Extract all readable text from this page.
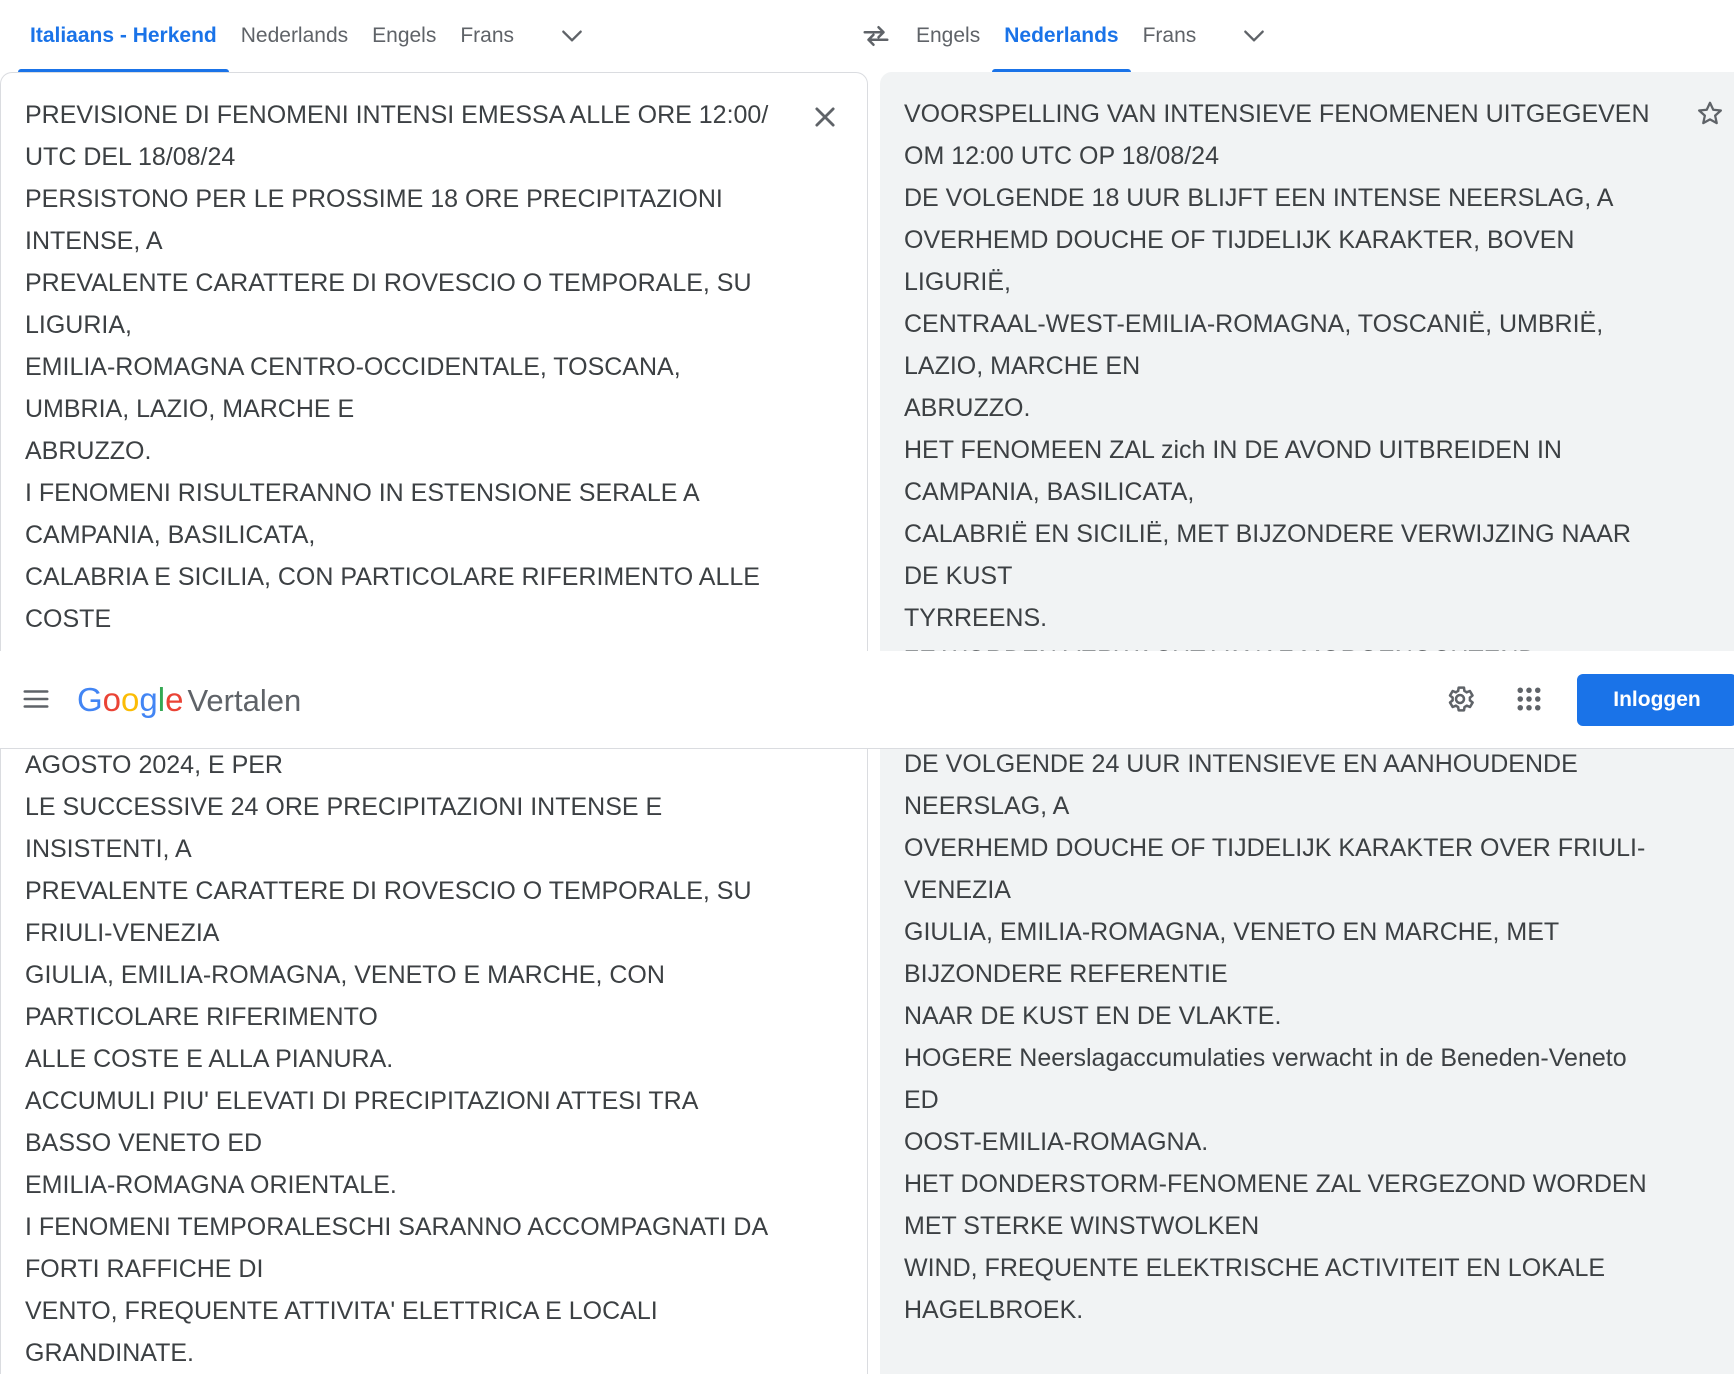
Italiaans - Herkend	Nederlands	Engels	Frans	Engels	Nederlands	Frans
PREVISIONE DI FENOMENI INTENSI EMESSA ALLE ORE 12:00/
UTC DEL 18/08/24
PERSISTONO PER LE PROSSIME 18 ORE PRECIPITAZIONI
INTENSE, A
PREVALENTE CARATTERE DI ROVESCIO O TEMPORALE, SU
LIGURIA,
EMILIA-ROMAGNA CENTRO-OCCIDENTALE, TOSCANA,
UMBRIA, LAZIO, MARCHE E
ABRUZZO.
I FENOMENI RISULTERANNO IN ESTENSIONE SERALE A
CAMPANIA, BASILICATA,
CALABRIA E SICILIA, CON PARTICOLARE RIFERIMENTO ALLE
COSTE

AGOSTO 2024, E PER
LE SUCCESSIVE 24 ORE PRECIPITAZIONI INTENSE E
INSISTENTI, A
PREVALENTE CARATTERE DI ROVESCIO O TEMPORALE, SU
FRIULI-VENEZIA
GIULIA, EMILIA-ROMAGNA, VENETO E MARCHE, CON
PARTICOLARE RIFERIMENTO
ALLE COSTE E ALLA PIANURA.
ACCUMULI PIU' ELEVATI DI PRECIPITAZIONI ATTESI TRA
BASSO VENETO ED
EMILIA-ROMAGNA ORIENTALE.
I FENOMENI TEMPORALESCHI SARANNO ACCOMPAGNATI DA
FORTI RAFFICHE DI
VENTO, FREQUENTE ATTIVITA' ELETTRICA E LOCALI
GRANDINATE.
VOORSPELLING VAN INTENSIEVE FENOMENEN UITGEGEVEN
OM 12:00 UTC OP 18/08/24
DE VOLGENDE 18 UUR BLIJFT EEN INTENSE NEERSLAG, A
OVERHEMD DOUCHE OF TIJDELIJK KARAKTER, BOVEN
LIGURIË,
CENTRAAL-WEST-EMILIA-ROMAGNA, TOSCANIË, UMBRIË,
LAZIO, MARCHE EN
ABRUZZO.
HET FENOMEEN ZAL zich IN DE AVOND UITBREIDEN IN
CAMPANIA, BASILICATA,
CALABRIË EN SICILIË, MET BIJZONDERE VERWIJZING NAAR
DE KUST
TYRREENS.

DE VOLGENDE 24 UUR INTENSIEVE EN AANHOUDENDE
NEERSLAG, A
OVERHEMD DOUCHE OF TIJDELIJK KARAKTER OVER FRIULI-
VENEZIA
GIULIA, EMILIA-ROMAGNA, VENETO EN MARCHE, MET
BIJZONDERE REFERENTIE
NAAR DE KUST EN DE VLAKTE.
HOGERE Neerslagaccumulaties verwacht in de Beneden-Veneto
ED
OOST-EMILIA-ROMAGNA.
HET DONDERSTORM-FENOMENE ZAL VERGEZOND WORDEN
MET STERKE WINSTWOLKEN
WIND, FREQUENTE ELEKTRISCHE ACTIVITEIT EN LOKALE
HAGELBROEK.
Google Vertalen	Inloggen
